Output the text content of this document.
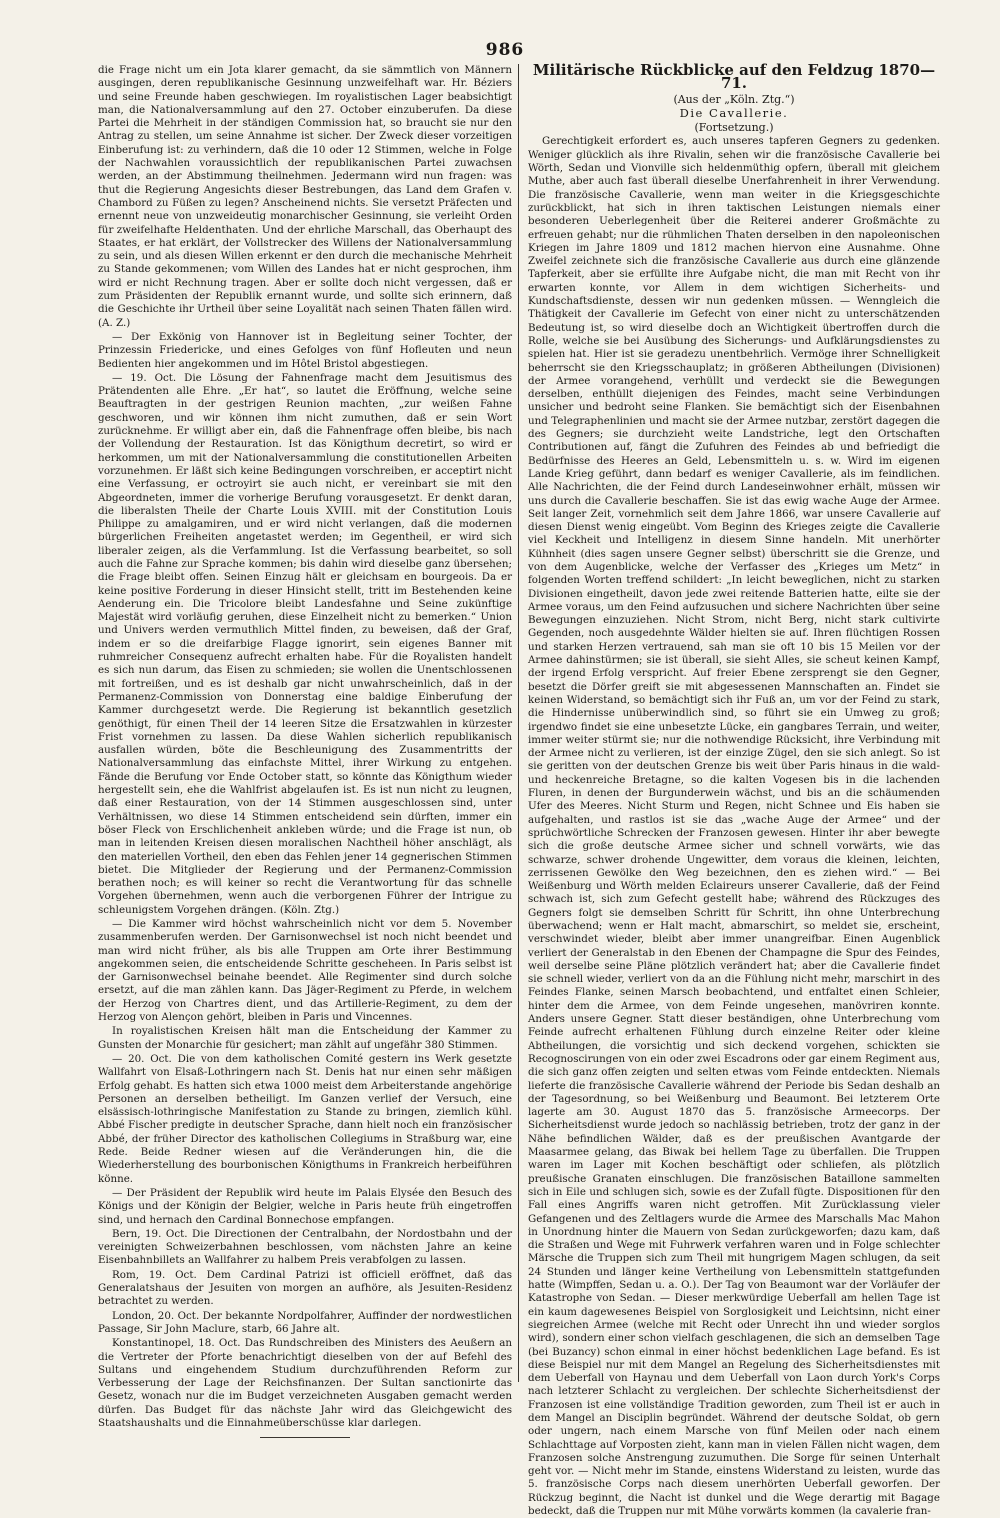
986

die Frage nicht um ein Jota klarer gemacht, da sie sämmtlich von Männern ausgingen, deren republikanische Gesinnung unzweifelhaft war. Hr. Béziers und seine Freunde haben geschwiegen. Im royalistischen Lager beabsichtigt man, die Nationalversammlung auf den 27. October einzuberufen. Da diese Partei die Mehrheit in der ständigen Commission hat, so braucht sie nur den Antrag zu stellen, um seine Annahme ist sicher. Der Zweck dieser vorzeitigen Einberufung ist: zu verhindern, daß die 10 oder 12 Stimmen, welche in Folge der Nachwahlen voraussichtlich der republikanischen Partei zuwachsen werden, an der Abstimmung theilnehmen. Jedermann wird nun fragen: was thut die Regierung Angesichts dieser Bestrebungen, das Land dem Grafen v. Chambord zu Füßen zu legen? Anscheinend nichts. Sie versetzt Präfecten und ernennt neue von unzweideutig monarchischer Gesinnung, sie verleiht Orden für zweifelhafte Heldenthaten. Und der ehrliche Marschall, das Oberhaupt des Staates, er hat erklärt, der Vollstrecker des Willens der Nationalversammlung zu sein, und als diesen Willen erkennt er den durch die mechanische Mehrheit zu Stande gekommenen; vom Willen des Landes hat er nicht gesprochen, ihm wird er nicht Rechnung tragen. Aber er sollte doch nicht vergessen, daß er zum Präsidenten der Republik ernannt wurde, und sollte sich erinnern, daß die Geschichte ihr Urtheil über seine Loyalität nach seinen Thaten fällen wird. (A. Z.)

— Der Exkönig von Hannover ist in Begleitung seiner Tochter, der Prinzessin Friedericke, und eines Gefolges von fünf Hofleuten und neun Bedienten hier angekommen und im Hôtel Bristol abgestiegen.

— 19. Oct. Die Lösung der Fahnenfrage macht dem Jesuitismus des Prätendenten alle Ehre. „Er hat“, so lautet die Eröffnung, welche seine Beauftragten in der gestrigen Reunion machten, „zur weißen Fahne geschworen, und wir können ihm nicht zumuthen, daß er sein Wort zurücknehme. Er willigt aber ein, daß die Fahnenfrage offen bleibe, bis nach der Vollendung der Restauration. Ist das Königthum decretirt, so wird er herkommen, um mit der Nationalversammlung die constitutionellen Arbeiten vorzunehmen. Er läßt sich keine Bedingungen vorschreiben, er acceptirt nicht eine Verfassung, er octroyirt sie auch nicht, er vereinbart sie mit den Abgeordneten, immer die vorherige Berufung vorausgesetzt. Er denkt daran, die liberalsten Theile der Charte Louis XVIII. mit der Constitution Louis Philippe zu amalgamiren, und er wird nicht verlangen, daß die modernen bürgerlichen Freiheiten angetastet werden; im Gegentheil, er wird sich liberaler zeigen, als die Verfammlung. Ist die Verfassung bearbeitet, so soll auch die Fahne zur Sprache kommen; bis dahin wird dieselbe ganz übersehen; die Frage bleibt offen. Seinen Einzug hält er gleichsam en bourgeois. Da er keine positive Forderung in dieser Hinsicht stellt, tritt im Bestehenden keine Aenderung ein. Die Tricolore bleibt Landesfahne und Seine zukünftige Majestät wird vorläufig geruhen, diese Einzelheit nicht zu bemerken.“ Union und Univers werden vermuthlich Mittel finden, zu beweisen, daß der Graf, indem er so die dreifarbige Flagge ignorirt, sein eigenes Banner mit ruhmreicher Consequenz aufrecht erhalten habe. Für die Royalisten handelt es sich nun darum, das Eisen zu schmieden; sie wollen die Unentschlossenen mit fortreißen, und es ist deshalb gar nicht unwahrscheinlich, daß in der Permanenz-Commission von Donnerstag eine baldige Einberufung der Kammer durchgesetzt werde. Die Regierung ist bekanntlich gesetzlich genöthigt, für einen Theil der 14 leeren Sitze die Ersatzwahlen in kürzester Frist vornehmen zu lassen. Da diese Wahlen sicherlich republikanisch ausfallen würden, böte die Beschleunigung des Zusammentritts der Nationalversammlung das einfachste Mittel, ihrer Wirkung zu entgehen. Fände die Berufung vor Ende October statt, so könnte das Königthum wieder hergestellt sein, ehe die Wahlfrist abgelaufen ist. Es ist nun nicht zu leugnen, daß einer Restauration, von der 14 Stimmen ausgeschlossen sind, unter Verhältnissen, wo diese 14 Stimmen entscheidend sein dürften, immer ein böser Fleck von Erschlichenheit ankleben würde; und die Frage ist nun, ob man in leitenden Kreisen diesen moralischen Nachtheil höher anschlägt, als den materiellen Vortheil, den eben das Fehlen jener 14 gegnerischen Stimmen bietet. Die Mitglieder der Regierung und der Permanenz-Commission berathen noch; es will keiner so recht die Verantwortung für das schnelle Vorgehen übernehmen, wenn auch die verborgenen Führer der Intrigue zu schleunigstem Vorgehen drängen. (Köln. Ztg.)

— Die Kammer wird höchst wahrscheinlich nicht vor dem 5. November zusammenberufen werden. Der Garnisonwechsel ist noch nicht beendet und man wird nicht früher, als bis alle Truppen am Orte ihrer Bestimmung angekommen seien, die entscheidende Schritte gescheheen. In Paris selbst ist der Garnisonwechsel beinahe beendet. Alle Regimenter sind durch solche ersetzt, auf die man zählen kann. Das Jäger-Regiment zu Pferde, in welchem der Herzog von Chartres dient, und das Artillerie-Regiment, zu dem der Herzog von Alençon gehört, bleiben in Paris und Vincennes.

In royalistischen Kreisen hält man die Entscheidung der Kammer zu Gunsten der Monarchie für gesichert; man zählt auf ungefähr 380 Stimmen.

— 20. Oct. Die von dem katholischen Comité gestern ins Werk gesetzte Wallfahrt von Elsaß-Lothringern nach St. Denis hat nur einen sehr mäßigen Erfolg gehabt. Es hatten sich etwa 1000 meist dem Arbeiterstande angehörige Personen an derselben betheiligt. Im Ganzen verlief der Versuch, eine elsässisch-lothringische Manifestation zu Stande zu bringen, ziemlich kühl. Abbé Fischer predigte in deutscher Sprache, dann hielt noch ein französischer Abbé, der früher Director des katholischen Collegiums in Straßburg war, eine Rede. Beide Redner wiesen auf die Veränderungen hin, die die Wiederherstellung des bourbonischen Königthums in Frankreich herbeiführen könne.

— Der Präsident der Republik wird heute im Palais Elysée den Besuch des Königs und der Königin der Belgier, welche in Paris heute früh eingetroffen sind, und hernach den Cardinal Bonnechose empfangen.

Bern, 19. Oct. Die Directionen der Centralbahn, der Nordostbahn und der vereinigten Schweizerbahnen beschlossen, vom nächsten Jahre an keine Eisenbahnbillets an Wallfahrer zu halbem Preis verabfolgen zu lassen.

Rom, 19. Oct. Dem Cardinal Patrizi ist officiell eröffnet, daß das Generalatshaus der Jesuiten von morgen an aufhöre, als Jesuiten-Residenz betrachtet zu werden.

London, 20. Oct. Der bekannte Nordpolfahrer, Auffinder der nordwestlichen Passage, Sir John Maclure, starb, 66 Jahre alt.

Konstantinopel, 18. Oct. Das Rundschreiben des Ministers des Aeußern an die Vertreter der Pforte benachrichtigt dieselben von der auf Befehl des Sultans und eingehendem Studium durchzuführenden Reform zur Verbesserung der Lage der Reichsfinanzen. Der Sultan sanctionirte das Gesetz, wonach nur die im Budget verzeichneten Ausgaben gemacht werden dürfen. Das Budget für das nächste Jahr wird das Gleichgewicht des Staatshaushalts und die Einnahmeüberschüsse klar darlegen.

Militärische Rückblicke auf den Feldzug 1870—71.

(Aus der „Köln. Ztg.“)

Die Cavallerie.

(Fortsetzung.)

Gerechtigkeit erfordert es, auch unseres tapferen Gegners zu gedenken. Weniger glücklich als ihre Rivalin, sehen wir die französische Cavallerie bei Wörth, Sedan und Vionville sich heldenmüthig opfern, überall mit gleichem Muthe, aber auch fast überall dieselbe Unerfahrenheit in ihrer Verwendung. Die französische Cavallerie, wenn man weiter in die Kriegsgeschichte zurückblickt, hat sich in ihren taktischen Leistungen niemals einer besonderen Ueberlegenheit über die Reiterei anderer Großmächte zu erfreuen gehabt; nur die rühmlichen Thaten derselben in den napoleonischen Kriegen im Jahre 1809 und 1812 machen hiervon eine Ausnahme. Ohne Zweifel zeichnete sich die französische Cavallerie aus durch eine glänzende Tapferkeit, aber sie erfüllte ihre Aufgabe nicht, die man mit Recht von ihr erwarten konnte, vor Allem in dem wichtigen Sicherheits- und Kundschaftsdienste, dessen wir nun gedenken müssen. — Wenngleich die Thätigkeit der Cavallerie im Gefecht von einer nicht zu unterschätzenden Bedeutung ist, so wird dieselbe doch an Wichtigkeit übertroffen durch die Rolle, welche sie bei Ausübung des Sicherungs- und Aufklärungsdienstes zu spielen hat. Hier ist sie geradezu unentbehrlich. Vermöge ihrer Schnelligkeit beherrscht sie den Kriegsschauplatz; in größeren Abtheilungen (Divisionen) der Armee vorangehend, verhüllt und verdeckt sie die Bewegungen derselben, enthüllt diejenigen des Feindes, macht seine Verbindungen unsicher und bedroht seine Flanken. Sie bemächtigt sich der Eisenbahnen und Telegraphenlinien und macht sie der Armee nutzbar, zerstört dagegen die des Gegners; sie durchzieht weite Landstriche, legt den Ortschaften Contributionen auf, fängt die Zufuhren des Feindes ab und befriedigt die Bedürfnisse des Heeres an Geld, Lebensmitteln u. s. w. Wird im eigenen Lande Krieg geführt, dann bedarf es weniger Cavallerie, als im feindlichen. Alle Nachrichten, die der Feind durch Landeseinwohner erhält, müssen wir uns durch die Cavallerie beschaffen. Sie ist das ewig wache Auge der Armee. Seit langer Zeit, vornehmlich seit dem Jahre 1866, war unsere Cavallerie auf diesen Dienst wenig eingeübt. Vom Beginn des Krieges zeigte die Cavallerie viel Keckheit und Intelligenz in diesem Sinne handeln. Mit unerhörter Kühnheit (dies sagen unsere Gegner selbst) überschritt sie die Grenze, und von dem Augenblicke, welche der Verfasser des „Krieges um Metz“ in folgenden Worten treffend schildert: „In leicht beweglichen, nicht zu starken Divisionen eingetheilt, davon jede zwei reitende Batterien hatte, eilte sie der Armee voraus, um den Feind aufzusuchen und sichere Nachrichten über seine Bewegungen einzuziehen. Nicht Strom, nicht Berg, nicht stark cultivirte Gegenden, noch ausgedehnte Wälder hielten sie auf. Ihren flüchtigen Rossen und starken Herzen vertrauend, sah man sie oft 10 bis 15 Meilen vor der Armee dahinstürmen; sie ist überall, sie sieht Alles, sie scheut keinen Kampf, der irgend Erfolg verspricht. Auf freier Ebene zersprengt sie den Gegner, besetzt die Dörfer greift sie mit abgesessenen Mannschaften an. Findet sie keinen Widerstand, so bemächtigt sich ihr Fuß an, um vor der Feind zu stark, die Hindernisse unüberwindlich sind, so führt sie ein Umweg zu groß; irgendwo findet sie eine unbesetzte Lücke, ein gangbares Terrain, und weiter, immer weiter stürmt sie; nur die nothwendige Rücksicht, ihre Verbindung mit der Armee nicht zu verlieren, ist der einzige Zügel, den sie sich anlegt. So ist sie geritten von der deutschen Grenze bis weit über Paris hinaus in die wald- und heckenreiche Bretagne, so die kalten Vogesen bis in die lachenden Fluren, in denen der Burgunderwein wächst, und bis an die schäumenden Ufer des Meeres. Nicht Sturm und Regen, nicht Schnee und Eis haben sie aufgehalten, und rastlos ist sie das „wache Auge der Armee“ und der sprüchwörtliche Schrecken der Franzosen gewesen. Hinter ihr aber bewegte sich die große deutsche Armee sicher und schnell vorwärts, wie das schwarze, schwer drohende Ungewitter, dem voraus die kleinen, leichten, zerrissenen Gewölke den Weg bezeichnen, den es ziehen wird.“ — Bei Weißenburg und Wörth melden Eclaireurs unserer Cavallerie, daß der Feind schwach ist, sich zum Gefecht gestellt habe; während des Rückzuges des Gegners folgt sie demselben Schritt für Schritt, ihn ohne Unterbrechung überwachend; wenn er Halt macht, abmarschirt, so meldet sie, erscheint, verschwindet wieder, bleibt aber immer unangreifbar. Einen Augenblick verliert der Generalstab in den Ebenen der Champagne die Spur des Feindes, weil derselbe seine Pläne plötzlich verändert hat; aber die Cavallerie findet sie schnell wieder, verliert von da an die Fühlung nicht mehr, marschirt in des Feindes Flanke, seinen Marsch beobachtend, und entfaltet einen Schleier, hinter dem die Armee, von dem Feinde ungesehen, manövriren konnte. Anders unsere Gegner. Statt dieser beständigen, ohne Unterbrechung vom Feinde aufrecht erhaltenen Fühlung durch einzelne Reiter oder kleine Abtheilungen, die vorsichtig und sich deckend vorgehen, schickten sie Recognoscirungen von ein oder zwei Escadrons oder gar einem Regiment aus, die sich ganz offen zeigten und selten etwas vom Feinde entdeckten. Niemals lieferte die französische Cavallerie während der Periode bis Sedan deshalb an der Tagesordnung, so bei Weißenburg und Beaumont. Bei letzterem Orte lagerte am 30. August 1870 das 5. französische Armeecorps. Der Sicherheitsdienst wurde jedoch so nachlässig betrieben, trotz der ganz in der Nähe befindlichen Wälder, daß es der preußischen Avantgarde der Maasarmee gelang, das Biwak bei hellem Tage zu überfallen. Die Truppen waren im Lager mit Kochen beschäftigt oder schliefen, als plötzlich preußische Granaten einschlugen. Die französischen Bataillone sammelten sich in Eile und schlugen sich, sowie es der Zufall fügte. Dispositionen für den Fall eines Angriffs waren nicht getroffen. Mit Zurücklassung vieler Gefangenen und des Zeltlagers wurde die Armee des Marschalls Mac Mahon in Unordnung hinter die Mauern von Sedan zurückgeworfen; dazu kam, daß die Straßen und Wege mit Fuhrwerk verfahren waren und in Folge schlechter Märsche die Truppen sich zum Theil mit hungrigem Magen schlugen, da seit 24 Stunden und länger keine Vertheilung von Lebensmitteln stattgefunden hatte (Wimpffen, Sedan u. a. O.). Der Tag von Beaumont war der Vorläufer der Katastrophe von Sedan. — Dieser merkwürdige Ueberfall am hellen Tage ist ein kaum dagewesenes Beispiel von Sorglosigkeit und Leichtsinn, nicht einer siegreichen Armee (welche mit Recht oder Unrecht ihn und wieder sorglos wird), sondern einer schon vielfach geschlagenen, die sich an demselben Tage (bei Buzancy) schon einmal in einer höchst bedenklichen Lage befand. Es ist diese Beispiel nur mit dem Mangel an Regelung des Sicherheitsdienstes mit dem Ueberfall von Haynau und dem Ueberfall von Laon durch York's Corps nach letzterer Schlacht zu vergleichen. Der schlechte Sicherheitsdienst der Franzosen ist eine vollständige Tradition geworden, zum Theil ist er auch in dem Mangel an Disciplin begründet. Während der deutsche Soldat, ob gern oder ungern, nach einem Marsche von fünf Meilen oder nach einem Schlachttage auf Vorposten zieht, kann man in vielen Fällen nicht wagen, dem Franzosen solche Anstrengung zuzumuthen. Die Sorge für seinen Unterhalt geht vor. — Nicht mehr im Stande, einstens Widerstand zu leisten, wurde das 5. französische Corps nach diesem unerhörten Ueberfall geworfen. Der Rückzug beginnt, die Nacht ist dunkel und die Wege derartig mit Bagage bedeckt, daß die Truppen nur mit Mühe vorwärts kommen (la cavalerie fran-
